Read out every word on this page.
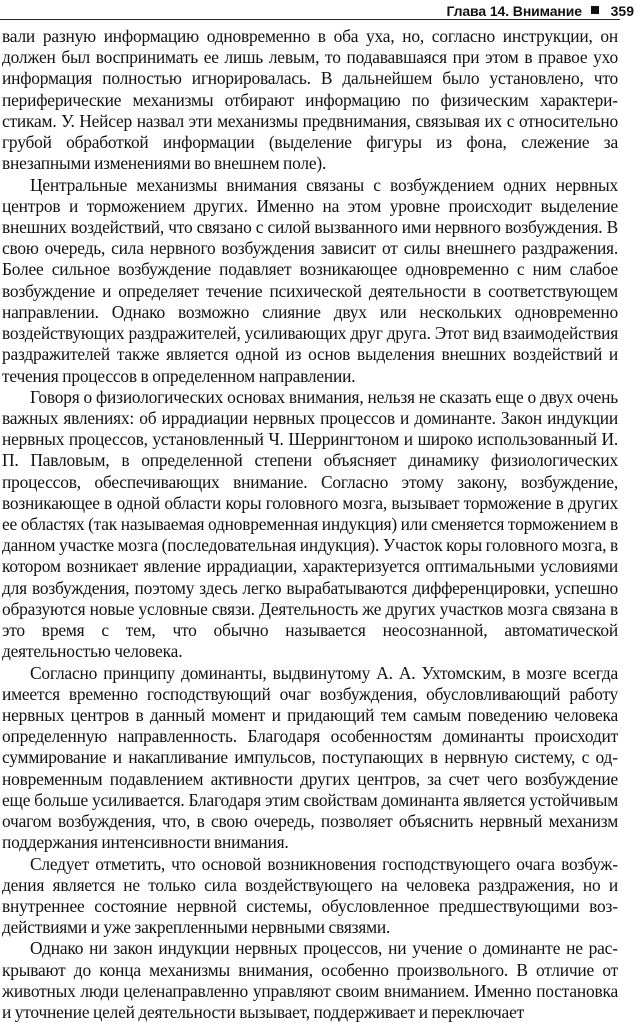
Глава 14. Внимание 359

вали разную информацию одновременно в оба уха, но, согласно инструкции, он должен был воспринимать ее лишь левым, то подававшаяся при этом в правое ухо информация полностью игнорировалась. В дальнейшем было установлено, что периферические механизмы отбирают информацию по физическим характеристикам. У. Нейсер назвал эти механизмы предвнимания, связывая их с относительно грубой обработкой информации (выделение фигуры из фона, слежение за внезапными изменениями во внешнем поле).

Центральные механизмы внимания связаны с возбуждением одних нервных центров и торможением других. Именно на этом уровне происходит выделение внешних воздействий, что связано с силой вызванного ими нервного возбуждения. В свою очередь, сила нервного возбуждения зависит от силы внешнего раздражения. Более сильное возбуждение подавляет возникающее одновременно с ним слабое возбуждение и определяет течение психической деятельности в соответствующем направлении. Однако возможно слияние двух или нескольких одновременно воздействующих раздражителей, усиливающих друг друга. Этот вид взаимодействия раздражителей также является одной из основ выделения внешних воздействий и течения процессов в определенном направлении.

Говоря о физиологических основах внимания, нельзя не сказать еще о двух очень важных явлениях: об иррадиации нервных процессов и доминанте. Закон индукции нервных процессов, установленный Ч. Шеррингтоном и широко использованный И. П. Павловым, в определенной степени объясняет динамику физиологических процессов, обеспечивающих внимание. Согласно этому закону, возбуждение, возникающее в одной области коры головного мозга, вызывает торможение в других ее областях (так называемая одновременная индукция) или сменяется торможением в данном участке мозга (последовательная индукция). Участок коры головного мозга, в котором возникает явление иррадиации, характеризуется оптимальными условиями для возбуждения, поэтому здесь легко вырабатываются дифференцировки, успешно образуются новые условные связи. Деятельность же других участков мозга связана в это время с тем, что обычно называется неосознанной, автоматической деятельностью человека.

Согласно принципу доминанты, выдвинутому А. А. Ухтомским, в мозге всегда имеется временно господствующий очаг возбуждения, обусловливающий работу нервных центров в данный момент и придающий тем самым поведению человека определенную направленность. Благодаря особенностям доминанты происходит суммирование и накапливание импульсов, поступающих в нервную систему, с одновременным подавлением активности других центров, за счет чего возбуждение еще больше усиливается. Благодаря этим свойствам доминанта является устойчивым очагом возбуждения, что, в свою очередь, позволяет объяснить нервный механизм поддержания интенсивности внимания.

Следует отметить, что основой возникновения господствующего очага возбуждения является не только сила воздействующего на человека раздражения, но и внутреннее состояние нервной системы, обусловленное предшествующими воздействиями и уже закрепленными нервными связями.

Однако ни закон индукции нервных процессов, ни учение о доминанте не раскрывают до конца механизмы внимания, особенно произвольного. В отличие от животных люди целенаправленно управляют своим вниманием. Именно постановка и уточнение целей деятельности вызывает, поддерживает и переключает
